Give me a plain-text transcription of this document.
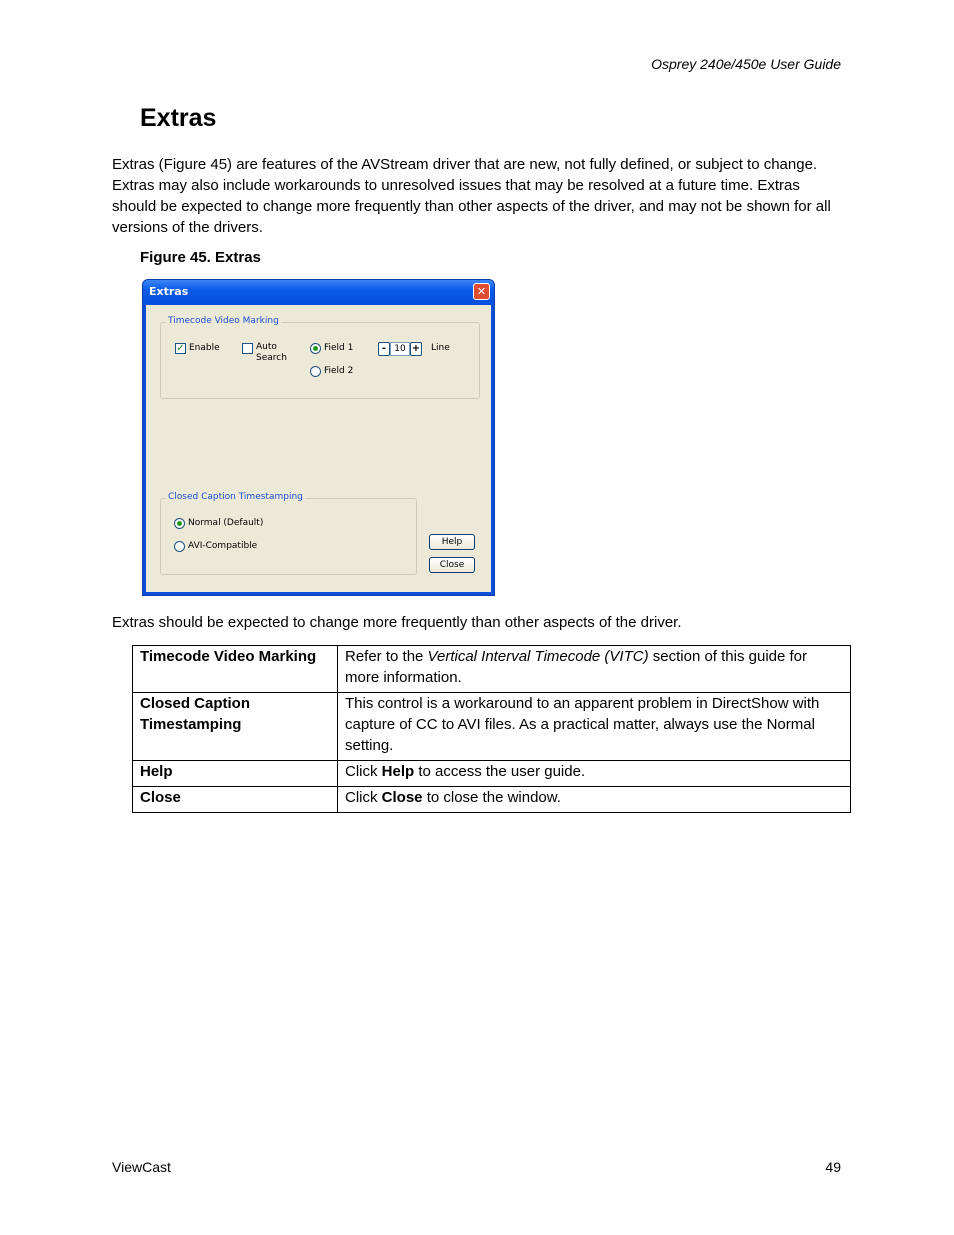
Osprey 240e/450e User Guide
Extras

Extras (Figure 45) are features of the AVStream driver that are new, not fully defined, or subject to change. Extras may also include workarounds to unresolved issues that may be resolved at a future time. Extras should be expected to change more frequently than other aspects of the driver, and may not be shown for all versions of the drivers.

Figure 45. Extras

Extras	✕
Timecode Video Marking
✓ Enable	Auto Search
Field 1
Field 2
- 10 + Line
Closed Caption Timestamping
Normal (Default)
AVI-Compatible	Help
Close

Extras should be expected to change more frequently than other aspects of the driver.

Timecode Video Marking	Refer to the Vertical Interval Timecode (VITC) section of this guide for more information.
Closed Caption Timestamping	This control is a workaround to an apparent problem in DirectShow with capture of CC to AVI files. As a practical matter, always use the Normal setting.
Help	Click Help to access the user guide.
Close	Click Close to close the window.
ViewCast	49
